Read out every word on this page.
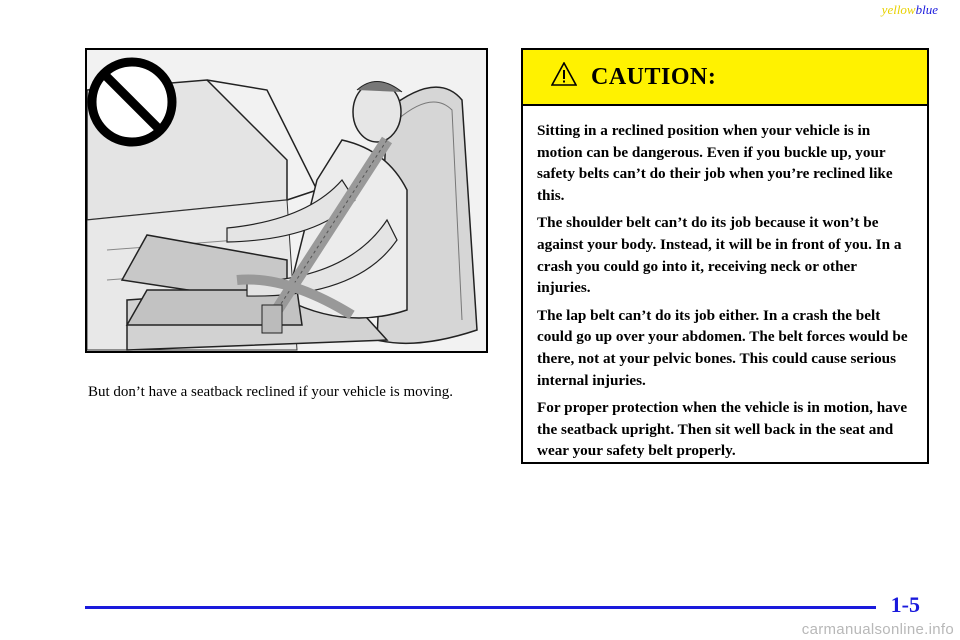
yellowblue

But don’t have a seatback reclined if your vehicle is moving.

CAUTION:

Sitting in a reclined position when your vehicle is in motion can be dangerous. Even if you buckle up, your safety belts can’t do their job when you’re reclined like this.

The shoulder belt can’t do its job because it won’t be against your body. Instead, it will be in front of you. In a crash you could go into it, receiving neck or other injuries.

The lap belt can’t do its job either. In a crash the belt could go up over your abdomen. The belt forces would be there, not at your pelvic bones. This could cause serious internal injuries.

For proper protection when the vehicle is in motion, have the seatback upright. Then sit well back in the seat and wear your safety belt properly.

1-5
carmanualsonline.info
